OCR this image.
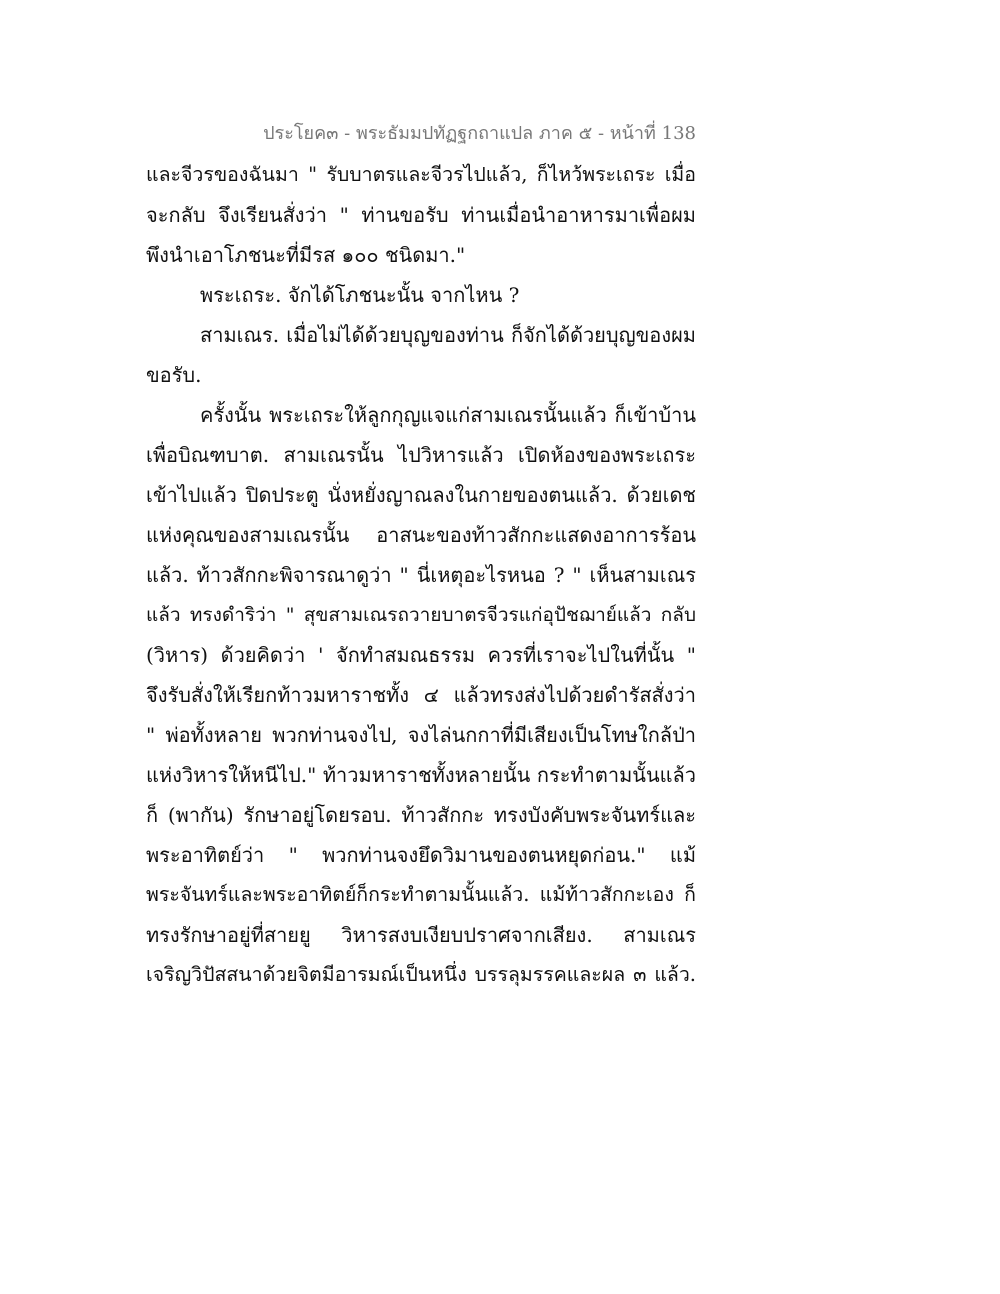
ประโยค๓ - พระธัมมปทัฏฐกถาแปล ภาค ๕ - หน้าที่ 138
และจีวรของฉันมา " รับบาตรและจีวรไปแล้ว, ก็ไหว้พระเถระ เมื่อ
จะกลับ จึงเรียนสั่งว่า " ท่านขอรับ ท่านเมื่อนำอาหารมาเพื่อผม
พึงนำเอาโภชนะที่มีรส ๑๐๐ ชนิดมา."
พระเถระ. จักได้โภชนะนั้น จากไหน ?
สามเณร. เมื่อไม่ได้ด้วยบุญของท่าน ก็จักได้ด้วยบุญของผม
ขอรับ.
ครั้งนั้น พระเถระให้ลูกกุญแจแก่สามเณรนั้นแล้ว ก็เข้าบ้าน
เพื่อบิณฑบาต. สามเณรนั้น ไปวิหารแล้ว เปิดห้องของพระเถระ
เข้าไปแล้ว ปิดประตู นั่งหยั่งญาณลงในกายของตนแล้ว. ด้วยเดช
แห่งคุณของสามเณรนั้น อาสนะของท้าวสักกะแสดงอาการร้อน
แล้ว. ท้าวสักกะพิจารณาดูว่า " นี่เหตุอะไรหนอ ? " เห็นสามเณร
แล้ว ทรงดำริว่า " สุขสามเณรถวายบาตรจีวรแก่อุปัชฌาย์แล้ว กลับ
(วิหาร) ด้วยคิดว่า ' จักทำสมณธรรม ควรที่เราจะไปในที่นั้น "
จึงรับสั่งให้เรียกท้าวมหาราชทั้ง ๔ แล้วทรงส่งไปด้วยดำรัสสั่งว่า
" พ่อทั้งหลาย พวกท่านจงไป, จงไล่นกกาที่มีเสียงเป็นโทษใกล้ป่า
แห่งวิหารให้หนีไป." ท้าวมหาราชทั้งหลายนั้น กระทำตามนั้นแล้ว
ก็ (พากัน) รักษาอยู่โดยรอบ. ท้าวสักกะ ทรงบังคับพระจันทร์และ
พระอาทิตย์ว่า " พวกท่านจงยึดวิมานของตนหยุดก่อน." แม้
พระจันทร์และพระอาทิตย์ก็กระทำตามนั้นแล้ว. แม้ท้าวสักกะเอง ก็
ทรงรักษาอยู่ที่สายยู วิหารสงบเงียบปราศจากเสียง. สามเณร
เจริญวิปัสสนาด้วยจิตมีอารมณ์เป็นหนึ่ง บรรลุมรรคและผล ๓ แล้ว.
